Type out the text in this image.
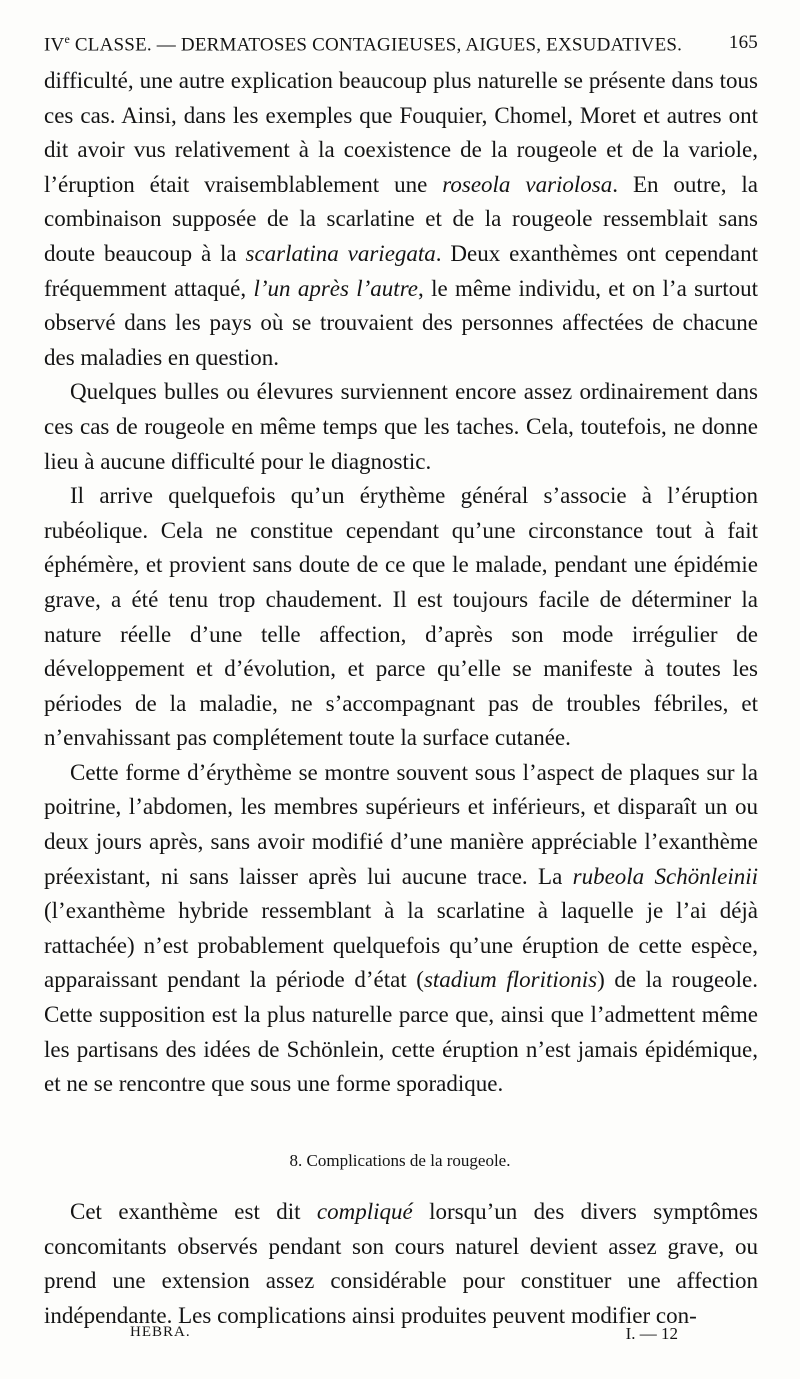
IVe CLASSE. — DERMATOSES CONTAGIEUSES, AIGUES, EXSUDATIVES. 165

difficulté, une autre explication beaucoup plus naturelle se présente dans tous ces cas. Ainsi, dans les exemples que Fouquier, Chomel, Moret et autres ont dit avoir vus relativement à la coexistence de la rougeole et de la variole, l’éruption était vraisemblablement une roseola variolosa. En outre, la combinaison supposée de la scarlatine et de la rougeole ressemblait sans doute beaucoup à la scarlatina variegata. Deux exanthèmes ont cependant fréquemment attaqué, l’un après l’autre, le même individu, et on l’a surtout observé dans les pays où se trouvaient des personnes affectées de chacune des maladies en question.

Quelques bulles ou élevures surviennent encore assez ordinairement dans ces cas de rougeole en même temps que les taches. Cela, toutefois, ne donne lieu à aucune difficulté pour le diagnostic.

Il arrive quelquefois qu’un érythème général s’associe à l’éruption rubéolique. Cela ne constitue cependant qu’une circonstance tout à fait éphémère, et provient sans doute de ce que le malade, pendant une épidémie grave, a été tenu trop chaudement. Il est toujours facile de déterminer la nature réelle d’une telle affection, d’après son mode irrégulier de développement et d’évolution, et parce qu’elle se manifeste à toutes les périodes de la maladie, ne s’accompagnant pas de troubles fébriles, et n’envahissant pas complétement toute la surface cutanée.

Cette forme d’érythème se montre souvent sous l’aspect de plaques sur la poitrine, l’abdomen, les membres supérieurs et inférieurs, et disparaît un ou deux jours après, sans avoir modifié d’une manière appréciable l’exanthème préexistant, ni sans laisser après lui aucune trace. La rubeola Schönleinii (l’exanthème hybride ressemblant à la scarlatine à laquelle je l’ai déjà rattachée) n’est probablement quelquefois qu’une éruption de cette espèce, apparaissant pendant la période d’état (stadium floritionis) de la rougeole. Cette supposition est la plus naturelle parce que, ainsi que l’admettent même les partisans des idées de Schönlein, cette éruption n’est jamais épidémique, et ne se rencontre que sous une forme sporadique.

8. Complications de la rougeole.

Cet exanthème est dit compliqué lorsqu’un des divers symptômes concomitants observés pendant son cours naturel devient assez grave, ou prend une extension assez considérable pour constituer une affection indépendante. Les complications ainsi produites peuvent modifier con-

HEBRA.	I. — 12
